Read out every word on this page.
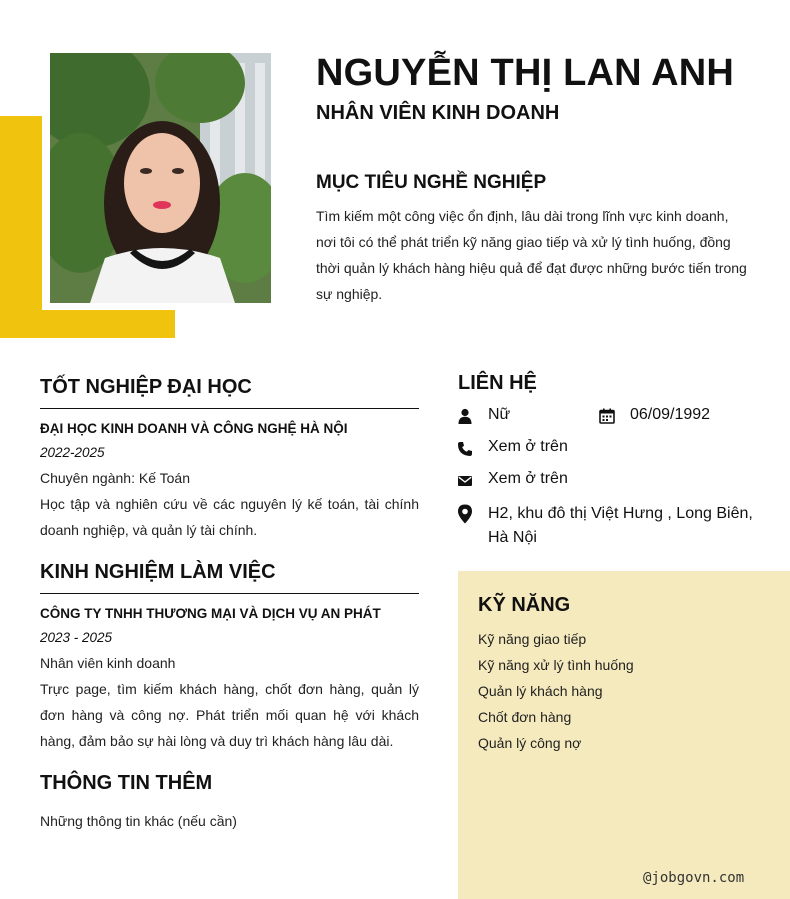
NGUYỄN THỊ LAN ANH
NHÂN VIÊN KINH DOANH
MỤC TIÊU NGHỀ NGHIỆP
Tìm kiếm một công việc ổn định, lâu dài trong lĩnh vực kinh doanh, nơi tôi có thể phát triển kỹ năng giao tiếp và xử lý tình huống, đồng thời quản lý khách hàng hiệu quả để đạt được những bước tiến trong sự nghiệp.
TỐT NGHIỆP ĐẠI HỌC
ĐẠI HỌC KINH DOANH VÀ CÔNG NGHỆ HÀ NỘI
2022-2025
Chuyên ngành: Kế Toán
Học tập và nghiên cứu về các nguyên lý kế toán, tài chính doanh nghiệp, và quản lý tài chính.
KINH NGHIỆM LÀM VIỆC
CÔNG TY TNHH THƯƠNG MẠI VÀ DỊCH VỤ AN PHÁT
2023 - 2025
Nhân viên kinh doanh
Trực page, tìm kiếm khách hàng, chốt đơn hàng, quản lý đơn hàng và công nợ. Phát triển mối quan hệ với khách hàng, đảm bảo sự hài lòng và duy trì khách hàng lâu dài.
THÔNG TIN THÊM
Những thông tin khác (nếu cần)
LIÊN HỆ
Nữ	06/09/1992
Xem ở trên
Xem ở trên
H2, khu đô thị Việt Hưng , Long Biên, Hà Nội
KỸ NĂNG
Kỹ năng giao tiếp
Kỹ năng xử lý tình huống
Quản lý khách hàng
Chốt đơn hàng
Quản lý công nợ
@jobgovn.com
